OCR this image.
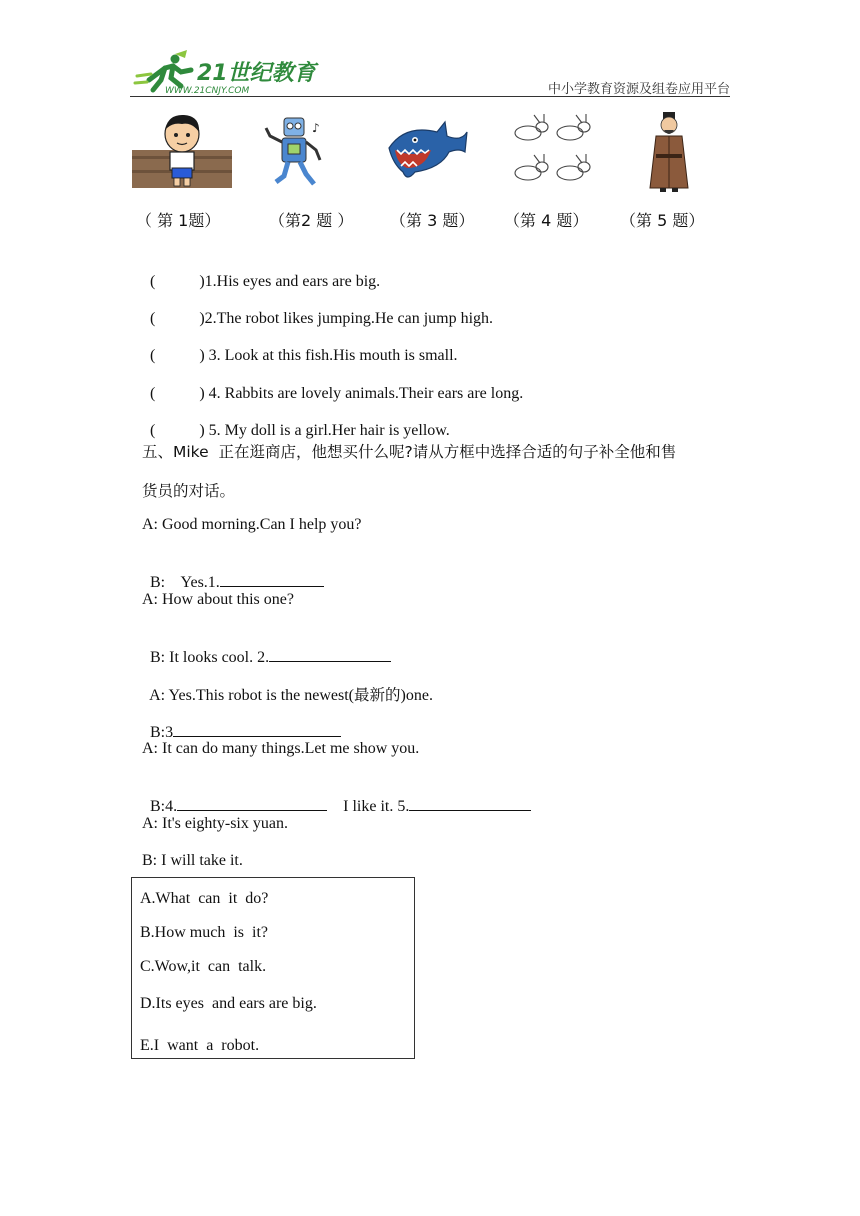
21世纪教育
WWW.21CNJY.COM	中小学教育资源及组卷应用平台
♪
（ 第 1题）	（第2 题 ） （第 3 题） （第 4 题） （第 5 题）

(	)1.His eyes and ears are big.

(	)2.The robot likes jumping.He can jump high.

(	) 3. Look at this fish.His mouth is small.

(	) 4. Rabbits are lovely animals.Their ears are long.

(	) 5. My doll is a girl.Her hair is yellow.

五、Mike  正在逛商店，他想买什么呢?请从方框中选择合适的句子补全他和售
货员的对话。
A: Good morning.Can I help you?

B:    Yes.1.

A: How about this one?

B: It looks cool. 2.

A: Yes.This robot is the newest(最新的)one.

B:3

A: It can do many things.Let me show you.

B:4.	I like it. 5.

A: It's eighty-six yuan.
B: I will take it.
A.What  can  it  do?
B.How much  is  it?
C.Wow,it  can  talk.
D.Its eyes  and ears are big.
E.I  want  a  robot.
